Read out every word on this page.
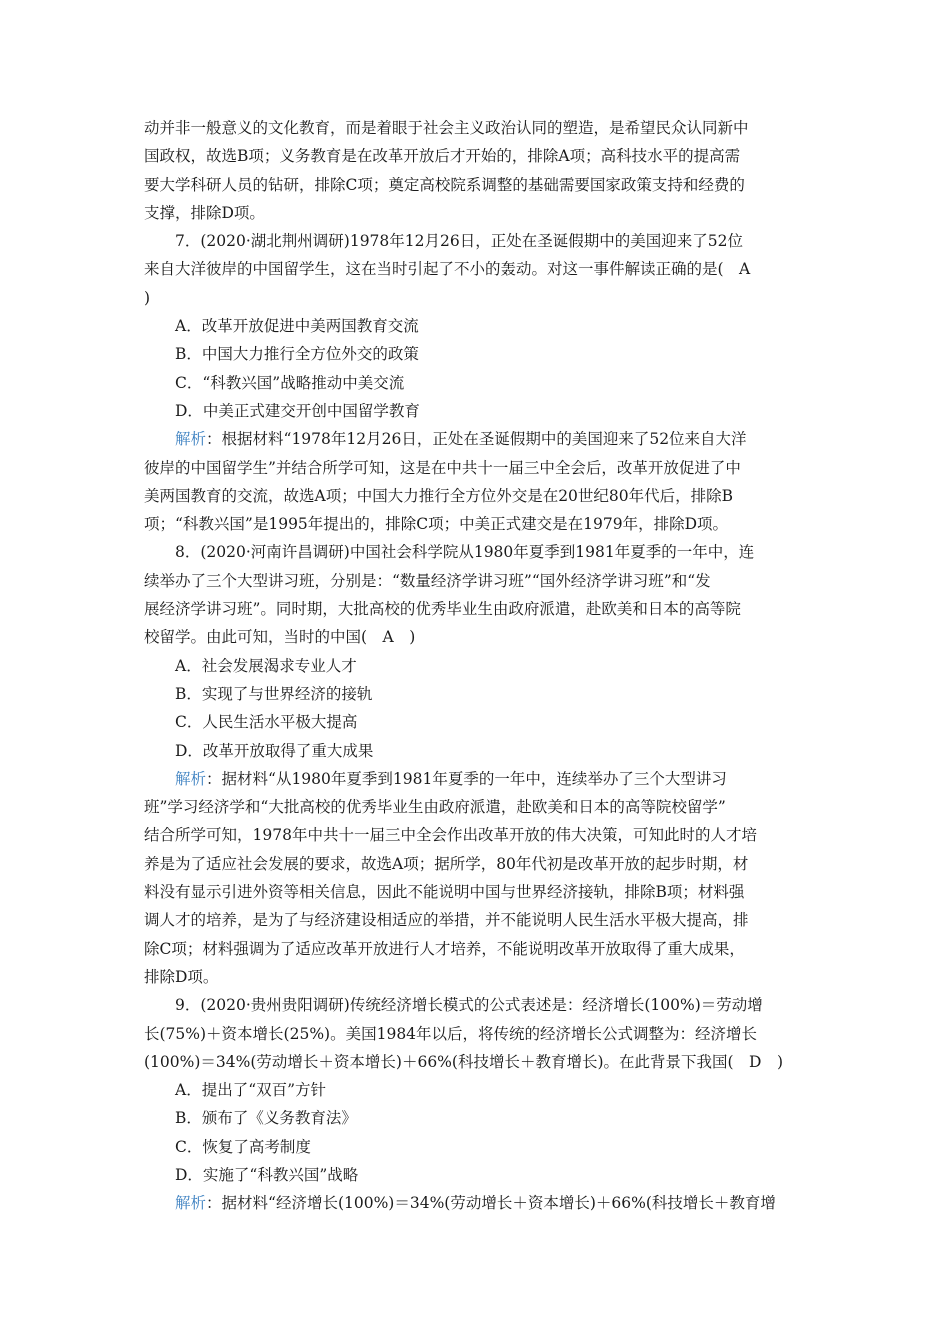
动并非一般意义的文化教育，而是着眼于社会主义政治认同的塑造，是希望民众认同新中
国政权，故选B项；义务教育是在改革开放后才开始的，排除A项；高科技水平的提高需
要大学科研人员的钻研，排除C项；奠定高校院系调整的基础需要国家政策支持和经费的
支撑，排除D项。
7．(2020·湖北荆州调研)1978年12月26日，正处在圣诞假期中的美国迎来了52位
来自大洋彼岸的中国留学生，这在当时引起了不小的轰动。对这一事件解读正确的是(　A
)
A．改革开放促进中美两国教育交流
B．中国大力推行全方位外交的政策
C．“科教兴国”战略推动中美交流
D．中美正式建交开创中国留学教育
解析：根据材料“1978年12月26日，正处在圣诞假期中的美国迎来了52位来自大洋
彼岸的中国留学生”并结合所学可知，这是在中共十一届三中全会后，改革开放促进了中
美两国教育的交流，故选A项；中国大力推行全方位外交是在20世纪80年代后，排除B
项；“科教兴国”是1995年提出的，排除C项；中美正式建交是在1979年，排除D项。
8．(2020·河南许昌调研)中国社会科学院从1980年夏季到1981年夏季的一年中，连
续举办了三个大型讲习班，分别是：“数量经济学讲习班”“国外经济学讲习班”和“发
展经济学讲习班”。同时期，大批高校的优秀毕业生由政府派遣，赴欧美和日本的高等院
校留学。由此可知，当时的中国(　A　)
A．社会发展渴求专业人才
B．实现了与世界经济的接轨
C．人民生活水平极大提高
D．改革开放取得了重大成果
解析：据材料“从1980年夏季到1981年夏季的一年中，连续举办了三个大型讲习
班”学习经济学和“大批高校的优秀毕业生由政府派遣，赴欧美和日本的高等院校留学”
结合所学可知，1978年中共十一届三中全会作出改革开放的伟大决策，可知此时的人才培
养是为了适应社会发展的要求，故选A项；据所学，80年代初是改革开放的起步时期，材
料没有显示引进外资等相关信息，因此不能说明中国与世界经济接轨，排除B项；材料强
调人才的培养，是为了与经济建设相适应的举措，并不能说明人民生活水平极大提高，排
除C项；材料强调为了适应改革开放进行人才培养，不能说明改革开放取得了重大成果，
排除D项。
9．(2020·贵州贵阳调研)传统经济增长模式的公式表述是：经济增长(100%)＝劳动增
长(75%)＋资本增长(25%)。美国1984年以后，将传统的经济增长公式调整为：经济增长
(100%)＝34%(劳动增长＋资本增长)＋66%(科技增长＋教育增长)。在此背景下我国(　D　)
A．提出了“双百”方针
B．颁布了《义务教育法》
C．恢复了高考制度
D．实施了“科教兴国”战略
解析：据材料“经济增长(100%)＝34%(劳动增长＋资本增长)＋66%(科技增长＋教育增
